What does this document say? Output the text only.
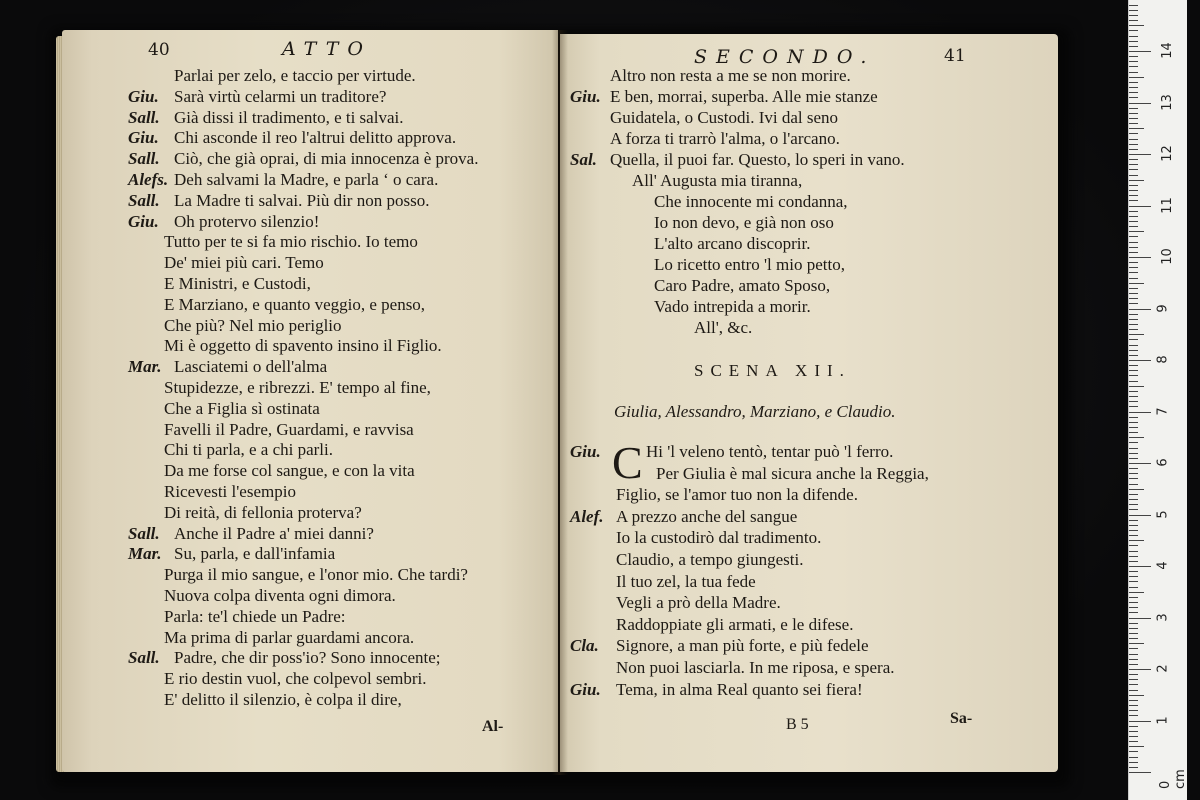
40	ATTO
Parlai per zelo, e taccio per virtude.
Giu. Sarà virtù celarmi un traditore?
Sall. Già dissi il tradimento, e ti salvai.
Giu. Chi asconde il reo l'altrui delitto approva.
Sall. Ciò, che già oprai, di mia innocenza è prova.
Alefs. Deh salvami la Madre, e parla ‘ o cara.
Sall. La Madre ti salvai. Più dir non posso.
Giu. Oh protervo silenzio!
Tutto per te si fa mio rischio. Io temo
De' miei più cari. Temo
E Ministri, e Custodi,
E Marziano, e quanto veggio, e penso,
Che più? Nel mio periglio
Mi è oggetto di spavento insino il Figlio.
Mar. Lasciatemi o dell'alma
Stupidezze, e ribrezzi. E' tempo al fine,
Che a Figlia sì ostinata
Favelli il Padre, Guardami, e ravvisa
Chi ti parla, e a chi parli.
Da me forse col sangue, e con la vita
Ricevesti l'esempio
Di reità, di fellonia proterva?
Sall. Anche il Padre a' miei danni?
Mar. Su, parla, e dall'infamia
Purga il mio sangue, e l'onor mio. Che tardi?
Nuova colpa diventa ogni dimora.
Parla: te'l chiede un Padre:
Ma prima di parlar guardami ancora.
Sall. Padre, che dir poss'io? Sono innocente;
E rio destin vuol, che colpevol sembri.
E' delitto il silenzio, è colpa il dire,
Al-
SECONDO.	41
Altro non resta a me se non morire.
Giu. E ben, morrai, superba. Alle mie stanze
Guidatela, o Custodi. Ivi dal seno
A forza ti trarrò l'alma, o l'arcano.
Sal. Quella, il puoi far. Questo, lo speri in vano.
All' Augusta mia tiranna,
Che innocente mi condanna,
Io non devo, e già non oso
L'alto arcano discoprir.
Lo ricetto entro 'l mio petto,
Caro Padre, amato Sposo,
Vado intrepida a morir.
All', &c.
SCENA XII.
Giulia, Alessandro, Marziano, e Claudio.
C
Giu.	Hi 'l veleno tentò, tentar può 'l ferro.
Per Giulia è mal sicura anche la Reggia,
Figlio, se l'amor tuo non la difende.
Alef. A prezzo anche del sangue
Io la custodirò dal tradimento.
Claudio, a tempo giungesti.
Il tuo zel, la tua fede
Vegli a prò della Madre.
Raddoppiate gli armati, e le difese.
Cla. Signore, a man più forte, e più fedele
Non puoi lasciarla. In me riposa, e spera.
Giu. Tema, in alma Real quanto sei fiera!
B 5	Sa-
0 cm
1
2
3
4
5
6
7
8
9
10
11
12
13
14
